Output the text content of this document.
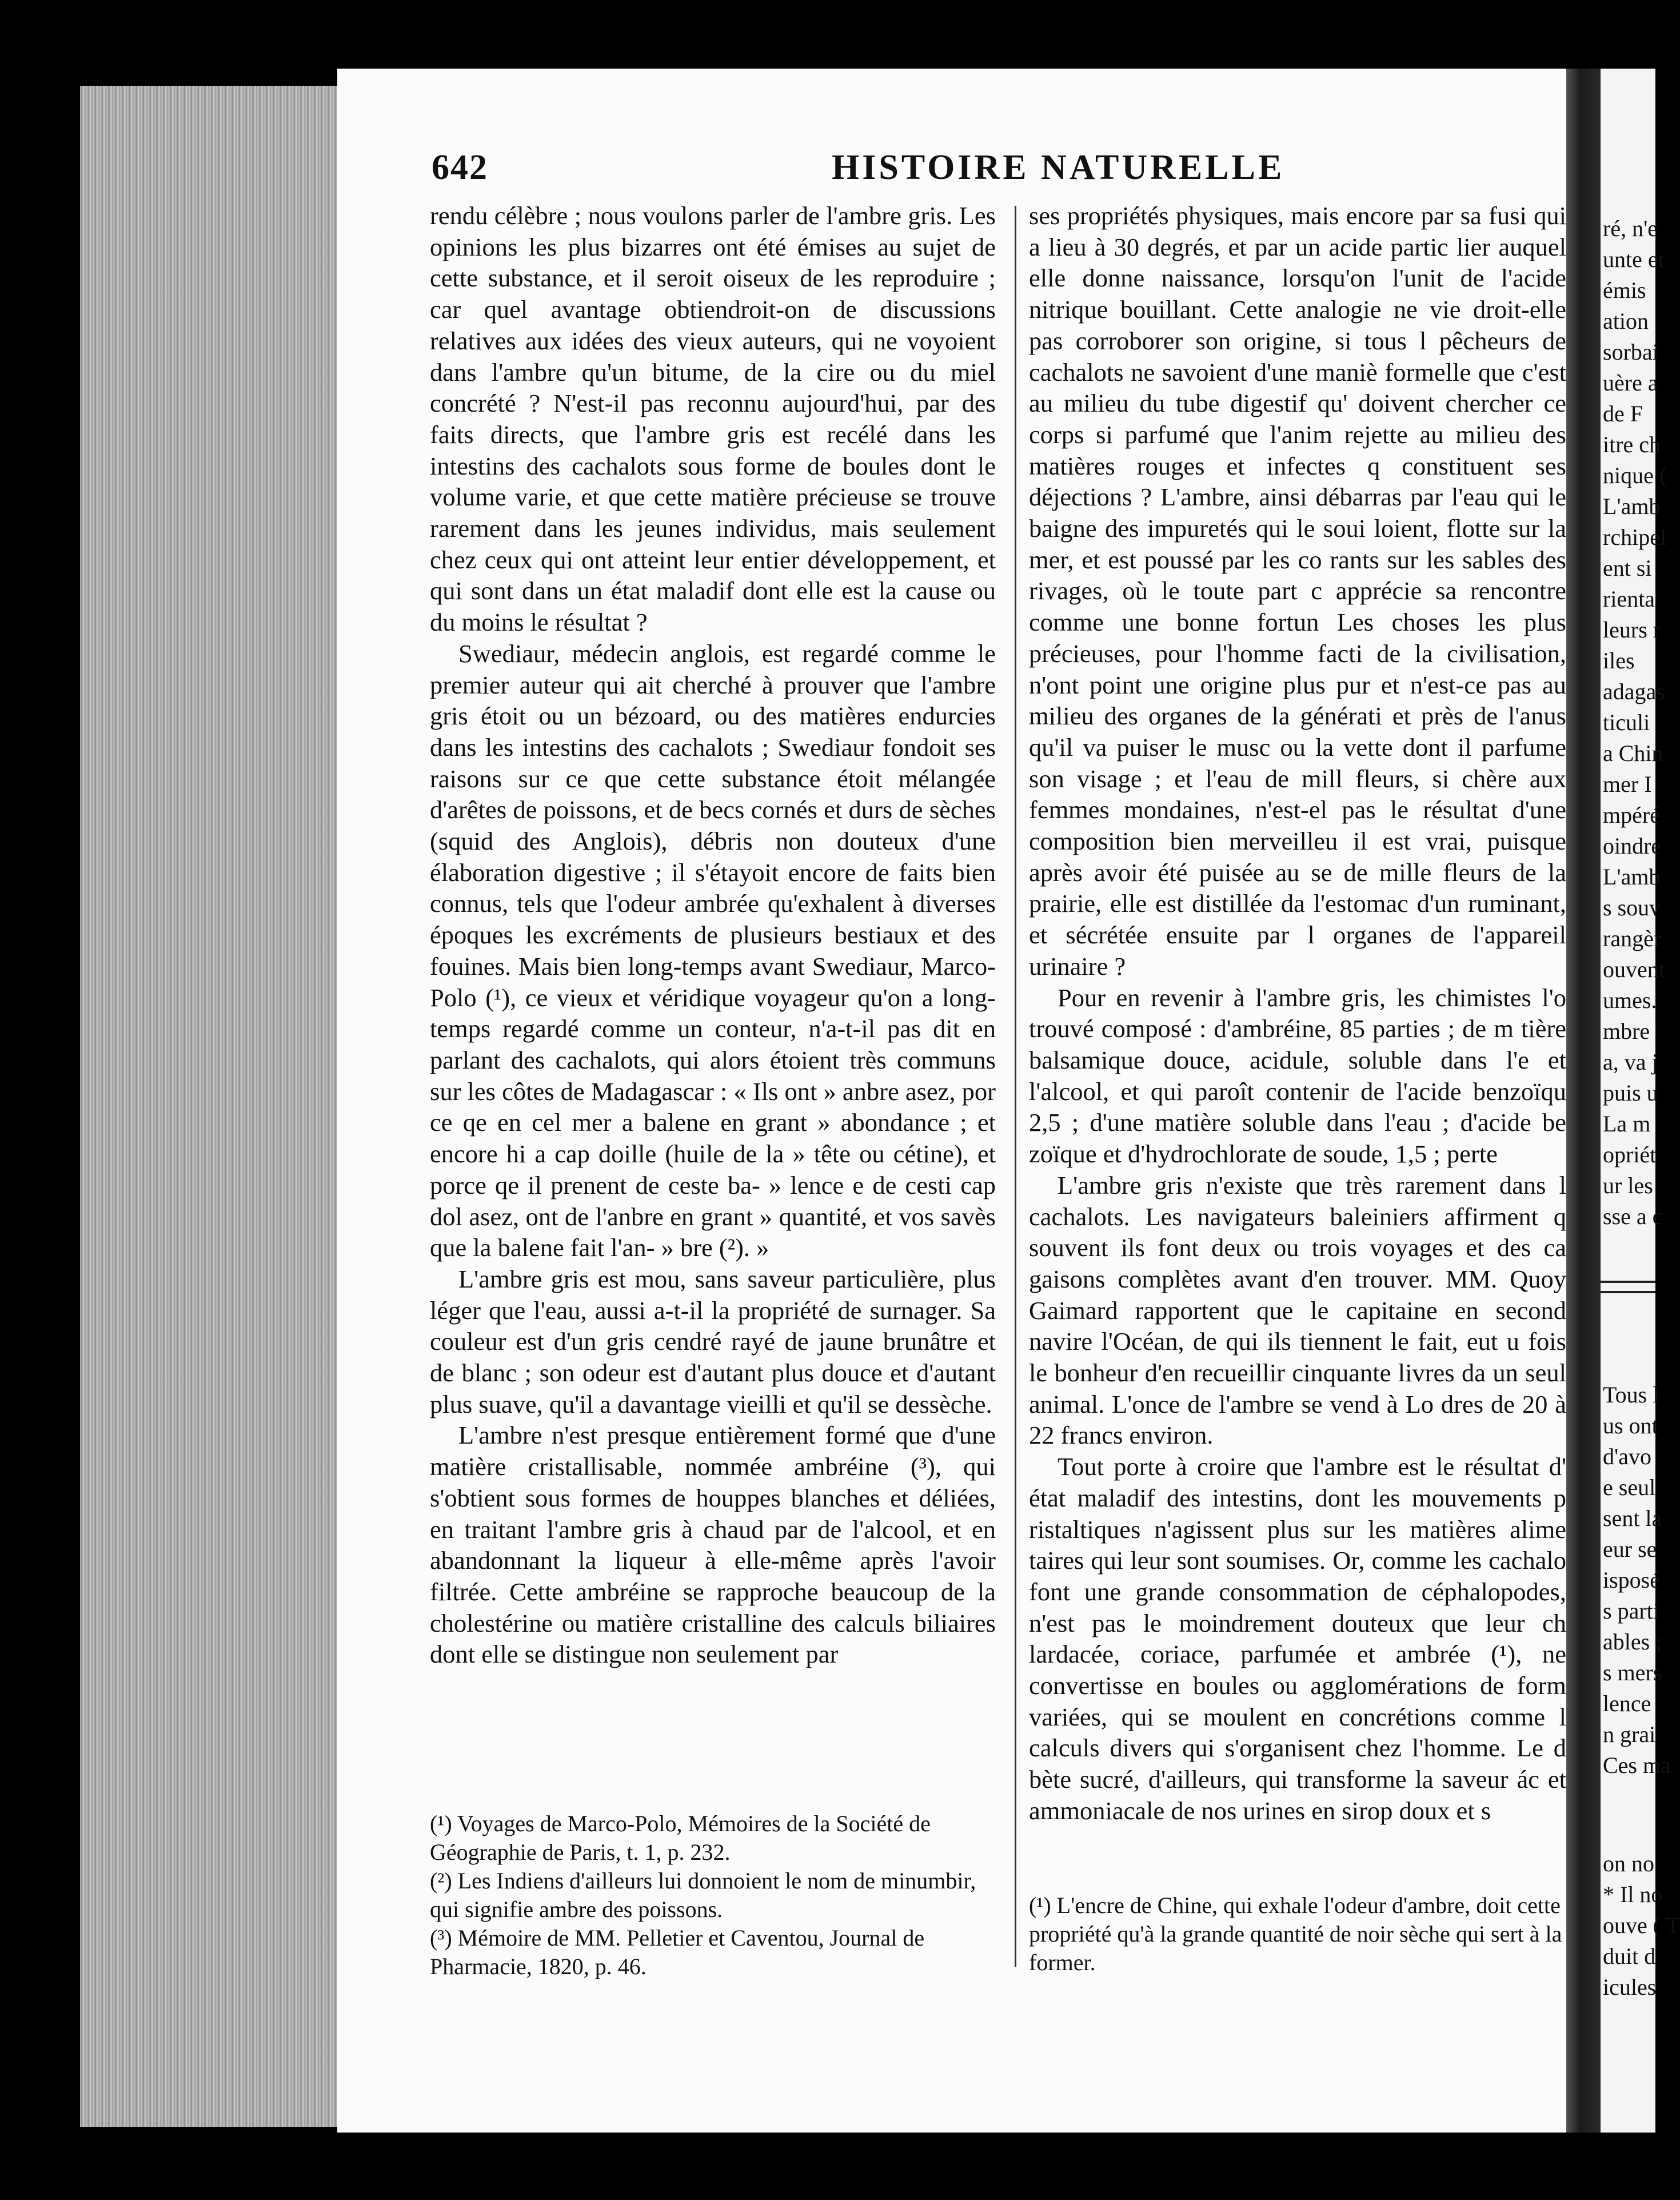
642	HISTOIRE NATURELLE

rendu célèbre ; nous voulons parler de l'ambre gris. Les opinions les plus bizarres ont été émises au sujet de cette substance, et il seroit oiseux de les reproduire ; car quel avantage obtiendroit-on de discussions relatives aux idées des vieux auteurs, qui ne voyoient dans l'ambre qu'un bitume, de la cire ou du miel concrété ? N'est-il pas reconnu aujourd'hui, par des faits directs, que l'ambre gris est recélé dans les intestins des cachalots sous forme de boules dont le volume varie, et que cette matière précieuse se trouve rarement dans les jeunes individus, mais seulement chez ceux qui ont atteint leur entier développement, et qui sont dans un état maladif dont elle est la cause ou du moins le résultat ?

Swediaur, médecin anglois, est regardé comme le premier auteur qui ait cherché à prouver que l'ambre gris étoit ou un bézoard, ou des matières endurcies dans les intestins des cachalots ; Swediaur fondoit ses raisons sur ce que cette substance étoit mélangée d'arêtes de poissons, et de becs cornés et durs de sèches (squid des Anglois), débris non douteux d'une élaboration digestive ; il s'étayoit encore de faits bien connus, tels que l'odeur ambrée qu'exhalent à diverses époques les excréments de plusieurs bestiaux et des fouines. Mais bien long-temps avant Swediaur, Marco-Polo (¹), ce vieux et véridique voyageur qu'on a long-temps regardé comme un conteur, n'a-t-il pas dit en parlant des cachalots, qui alors étoient très communs sur les côtes de Madagascar : « Ils ont » anbre asez, por ce qe en cel mer a balene en grant » abondance ; et encore hi a cap doille (huile de la » tête ou cétine), et porce qe il prenent de ceste ba- » lence e de cesti cap dol asez, ont de l'anbre en grant » quantité, et vos savès que la balene fait l'an- » bre (²). »

L'ambre gris est mou, sans saveur particulière, plus léger que l'eau, aussi a-t-il la propriété de surnager. Sa couleur est d'un gris cendré rayé de jaune brunâtre et de blanc ; son odeur est d'autant plus douce et d'autant plus suave, qu'il a davantage vieilli et qu'il se dessèche.

L'ambre n'est presque entièrement formé que d'une matière cristallisable, nommée ambréine (³), qui s'obtient sous formes de houppes blanches et déliées, en traitant l'ambre gris à chaud par de l'alcool, et en abandonnant la liqueur à elle-même après l'avoir filtrée. Cette ambréine se rapproche beaucoup de la cholestérine ou matière cristalline des calculs biliaires dont elle se distingue non seulement par

ses propriétés physiques, mais encore par sa fusi qui a lieu à 30 degrés, et par un acide partic lier auquel elle donne naissance, lorsqu'on l'unit de l'acide nitrique bouillant. Cette analogie ne vie droit-elle pas corroborer son origine, si tous l pêcheurs de cachalots ne savoient d'une maniè formelle que c'est au milieu du tube digestif qu' doivent chercher ce corps si parfumé que l'anim rejette au milieu des matières rouges et infectes q constituent ses déjections ? L'ambre, ainsi débarras par l'eau qui le baigne des impuretés qui le soui loient, flotte sur la mer, et est poussé par les co rants sur les sables des rivages, où le toute part c apprécie sa rencontre comme une bonne fortun Les choses les plus précieuses, pour l'homme facti de la civilisation, n'ont point une origine plus pur et n'est-ce pas au milieu des organes de la générati et près de l'anus qu'il va puiser le musc ou la vette dont il parfume son visage ; et l'eau de mill fleurs, si chère aux femmes mondaines, n'est-el pas le résultat d'une composition bien merveilleu il est vrai, puisque après avoir été puisée au se de mille fleurs de la prairie, elle est distillée da l'estomac d'un ruminant, et sécrétée ensuite par l organes de l'appareil urinaire ?

Pour en revenir à l'ambre gris, les chimistes l'o trouvé composé : d'ambréine, 85 parties ; de m tière balsamique douce, acidule, soluble dans l'e et l'alcool, et qui paroît contenir de l'acide benzoïqu 2,5 ; d'une matière soluble dans l'eau ; d'acide be zoïque et d'hydrochlorate de soude, 1,5 ; perte

L'ambre gris n'existe que très rarement dans l cachalots. Les navigateurs baleiniers affirment q souvent ils font deux ou trois voyages et des ca gaisons complètes avant d'en trouver. MM. Quoy Gaimard rapportent que le capitaine en second navire l'Océan, de qui ils tiennent le fait, eut u fois le bonheur d'en recueillir cinquante livres da un seul animal. L'once de l'ambre se vend à Lo dres de 20 à 22 francs environ.

Tout porte à croire que l'ambre est le résultat d' état maladif des intestins, dont les mouvements p ristaltiques n'agissent plus sur les matières alime taires qui leur sont soumises. Or, comme les cachalo font une grande consommation de céphalopodes, n'est pas le moindrement douteux que leur ch lardacée, coriace, parfumée et ambrée (¹), ne convertisse en boules ou agglomérations de form variées, qui se moulent en concrétions comme l calculs divers qui s'organisent chez l'homme. Le d bète sucré, d'ailleurs, qui transforme la saveur ác et ammoniacale de nos urines en sirop doux et s

(¹) Voyages de Marco-Polo, Mémoires de la Société de Géographie de Paris, t. 1, p. 232.

(²) Les Indiens d'ailleurs lui donnoient le nom de minumbir, qui signifie ambre des poissons.

(³) Mémoire de MM. Pelletier et Caventou, Journal de Pharmacie, 1820, p. 46.

(¹) L'encre de Chine, qui exhale l'odeur d'ambre, doit cette propriété qu'à la grande quantité de noir sèche qui sert à la former.

ré, n'e
unte et
émis
ation
sorbai
uère a
de F
itre ch
nique (
L'amb
rchipel
ent si
rienta
leurs r
iles
adagas
ticuli
a Chin
mer I
mpéré
oindre
L'amb
s souv
rangèr
ouvent
umes.
mbre
a, va j
puis u
La m
opriét
ur les
sse a c
Tous l
us ont
d'avo
e seul
sent la
eur se
isposé
s parti
ables ;
s mers
lence
n grai
Ces ma
on no
* Il no
ouve ( T
duit d
icules
